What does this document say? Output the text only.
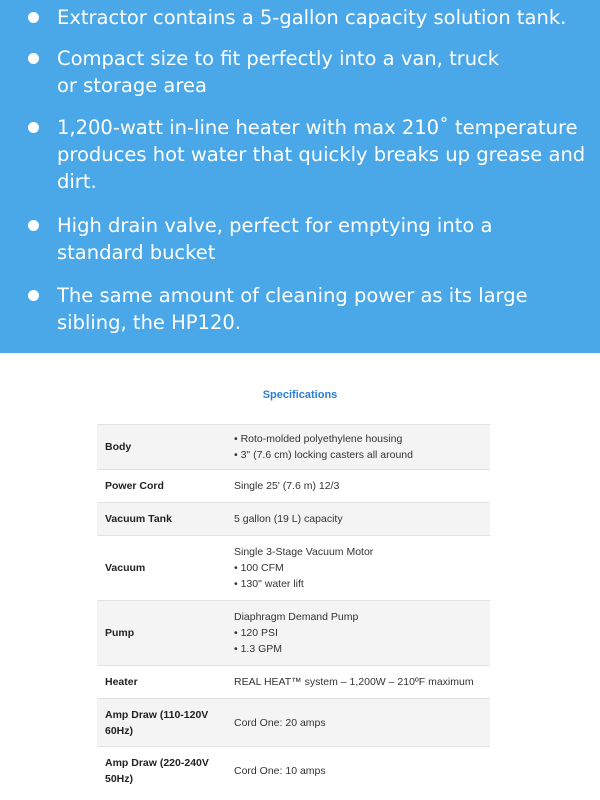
Extractor contains a 5-gallon capacity solution tank.
Compact size to fit perfectly into a van, truck or storage area
1,200-watt in-line heater with max 210˚ temperature produces hot water that quickly breaks up grease and dirt.
High drain valve, perfect for emptying into a standard bucket
The same amount of cleaning power as its large sibling, the HP120.
Specifications
Body	• Roto-molded polyethylene housing
• 3" (7.6 cm) locking casters all around

Power Cord	Single 25' (7.6 m) 12/3

Vacuum Tank	5 gallon (19 L) capacity

Vacuum	Single 3-Stage Vacuum Motor
• 100 CFM
• 130" water lift

Pump	Diaphragm Demand Pump
• 120 PSI
• 1.3 GPM

Heater	REAL HEAT™ system – 1,200W – 210ºF maximum

Amp Draw (110-120V 60Hz)	Cord One: 20 amps

Amp Draw (220-240V 50Hz)	Cord One: 10 amps
